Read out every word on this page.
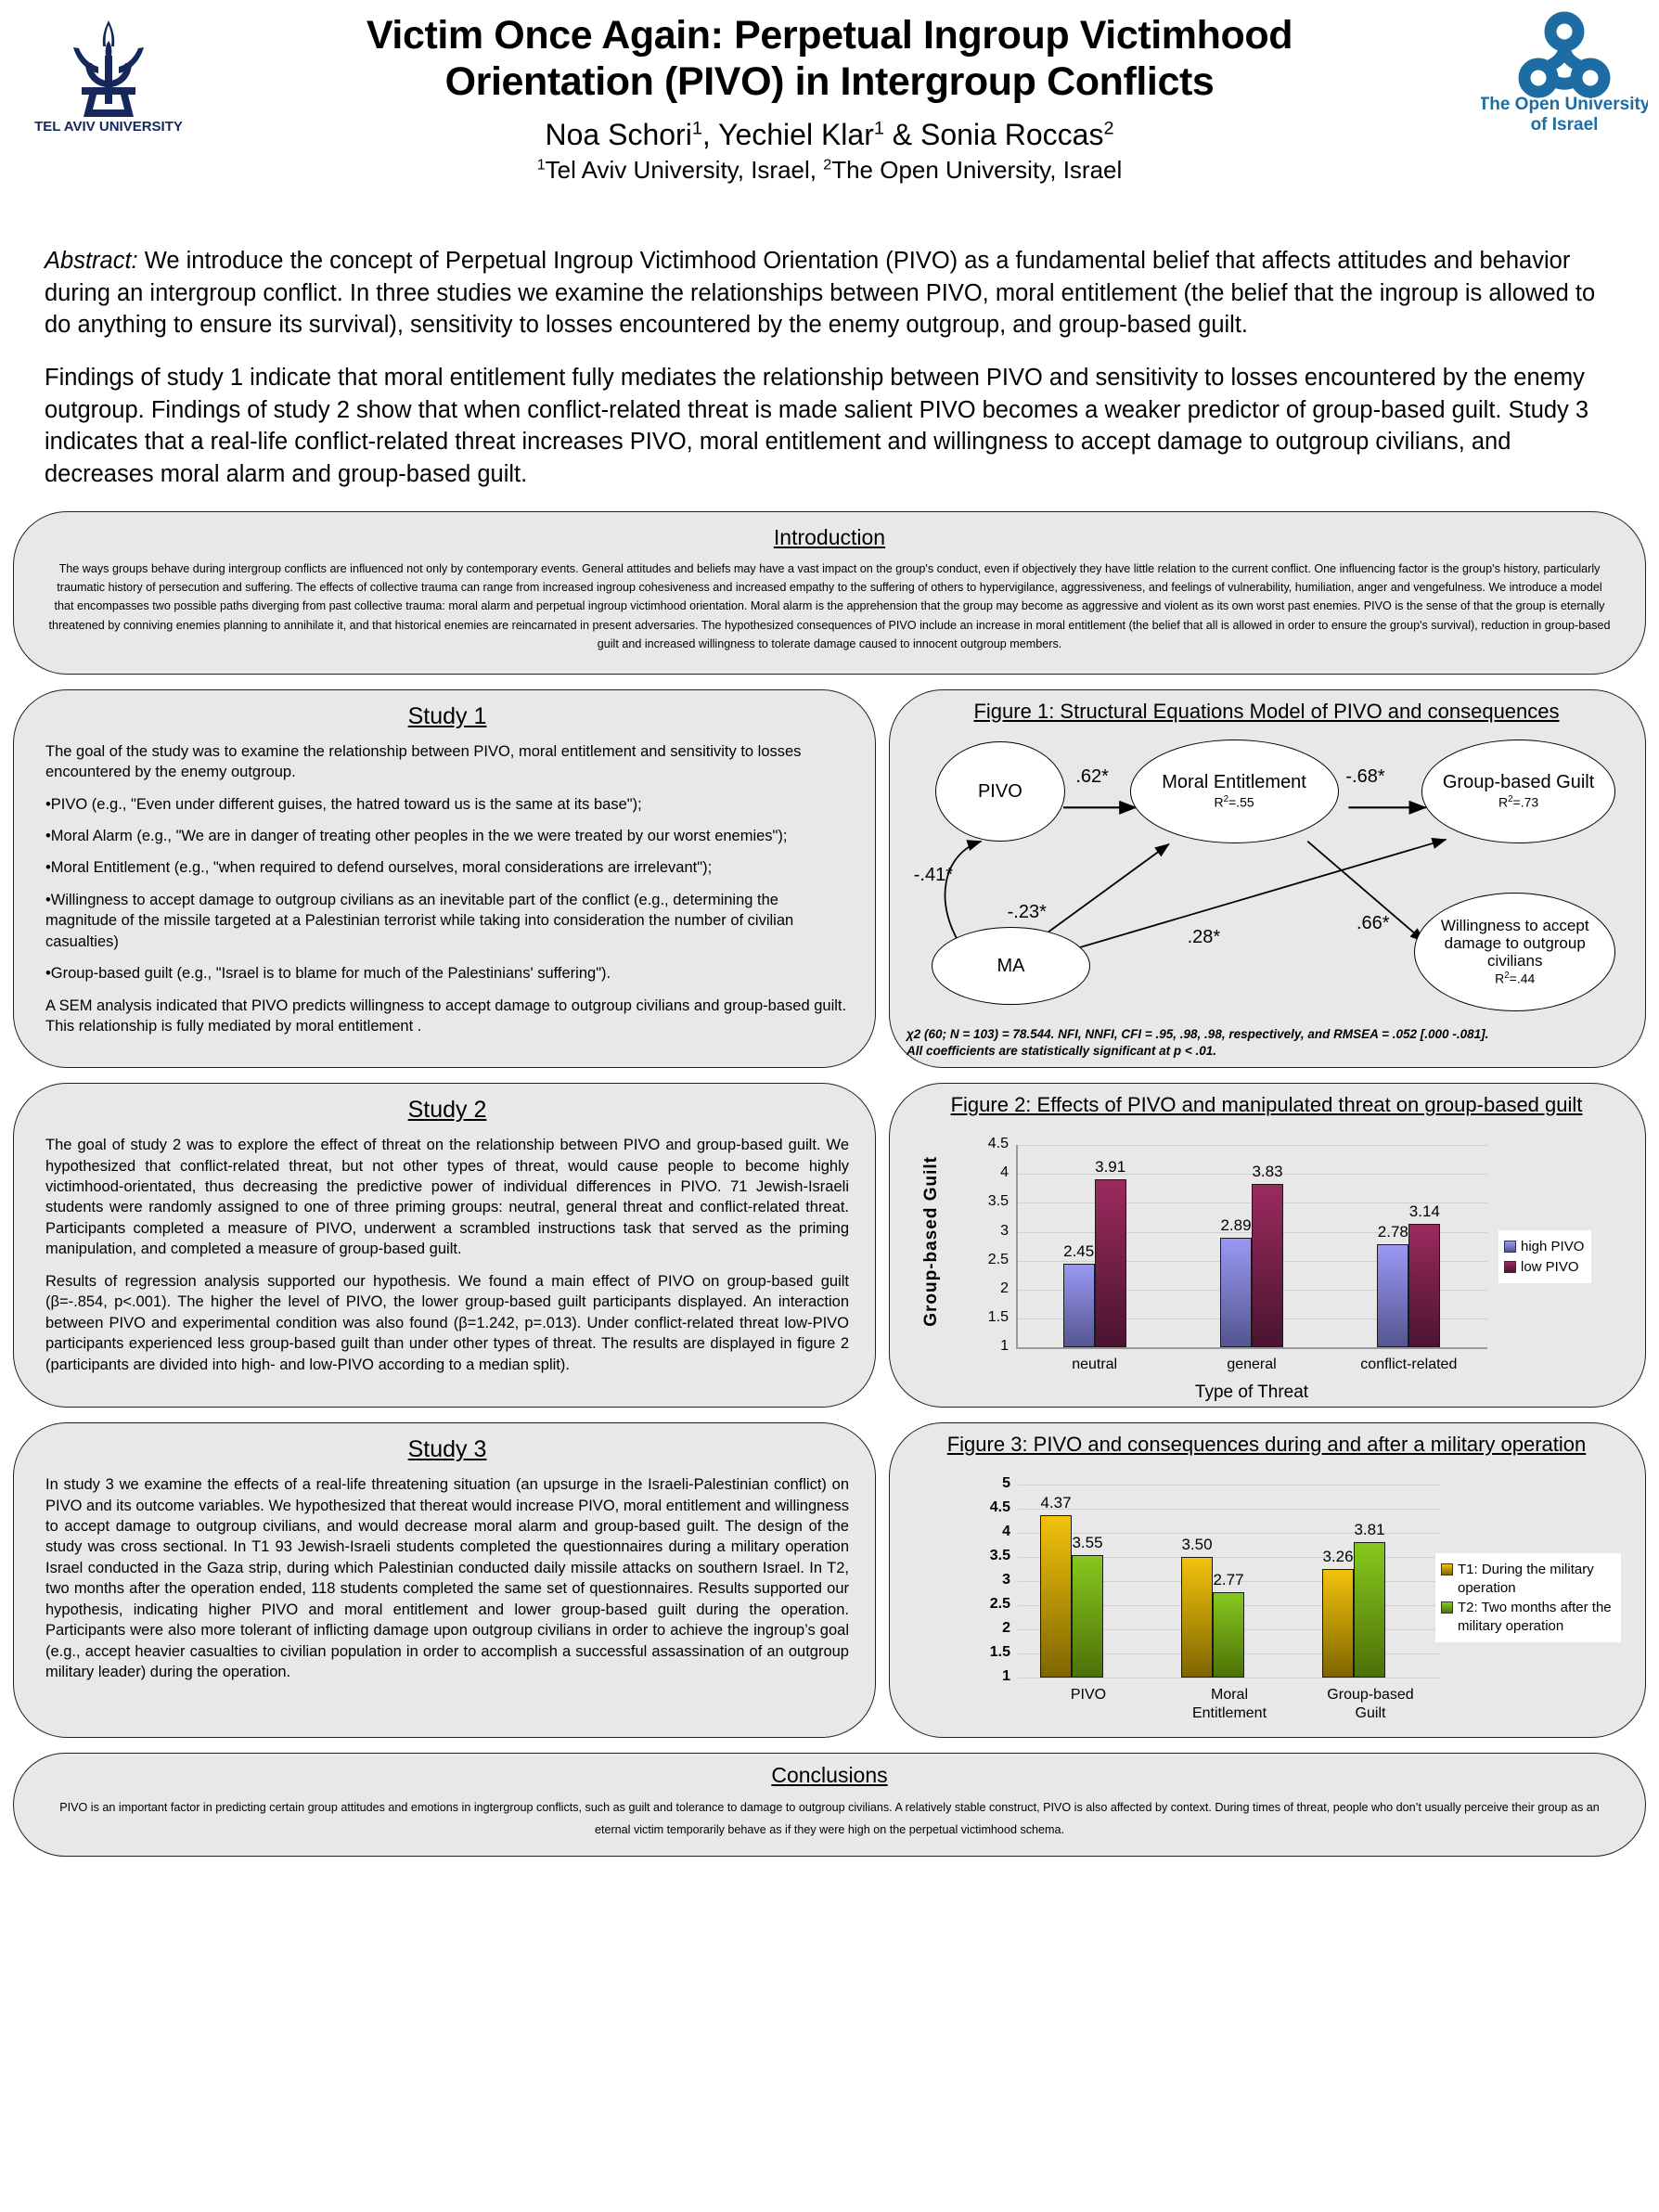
TEL AVIV UNIVERSITY
Victim Once Again: Perpetual Ingroup Victimhood
Orientation (PIVO) in Intergroup Conflicts
Noa Schori$^1$, Yechiel Klar$^1$ & Sonia Roccas$^2$
$^1$Tel Aviv University, Israel, $^2$The Open University, Israel
The Open University
of Israel

Abstract: We introduce the concept of Perpetual Ingroup Victimhood Orientation (PIVO) as a fundamental belief that affects attitudes and behavior during an intergroup conflict. In three studies we examine the relationships between PIVO, moral entitlement (the belief that the ingroup is allowed to do anything to ensure its survival), sensitivity to losses encountered by the enemy outgroup, and group-based guilt.

Findings of study 1 indicate that moral entitlement fully mediates the relationship between PIVO and sensitivity to losses encountered by the enemy outgroup. Findings of study 2 show that when conflict-related threat is made salient PIVO becomes a weaker predictor of group-based guilt. Study 3 indicates that a real-life conflict-related threat increases PIVO, moral entitlement and willingness to accept damage to outgroup civilians, and decreases moral alarm and group-based guilt.

Introduction
The ways groups behave during intergroup conflicts are influenced not only by contemporary events. General attitudes and beliefs may have a vast impact on the group's conduct, even if objectively they have little relation to the current conflict. One influencing factor is the group's history, particularly traumatic history of persecution and suffering. The effects of collective trauma can range from increased ingroup cohesiveness and increased empathy to the suffering of others to hypervigilance, aggressiveness, and feelings of vulnerability, humiliation, anger and vengefulness. We introduce a model that encompasses two possible paths diverging from past collective trauma: moral alarm and perpetual ingroup victimhood orientation. Moral alarm is the apprehension that the group may become as aggressive and violent as its own worst past enemies. PIVO is the sense of that the group is eternally threatened by conniving enemies planning to annihilate it, and that historical enemies are reincarnated in present adversaries. The hypothesized consequences of PIVO include an increase in moral entitlement (the belief that all is allowed in order to ensure the group's survival), reduction in group-based guilt and increased willingness to tolerate damage caused to innocent outgroup members.
Study 1

The goal of the study was to examine the relationship between PIVO, moral entitlement and sensitivity to losses encountered by the enemy outgroup.

•PIVO (e.g., "Even under different guises, the hatred toward us is the same at its base");

•Moral Alarm (e.g., "We are in danger of treating other peoples in the we were treated by our worst enemies");

•Moral Entitlement (e.g., "when required to defend ourselves, moral considerations are irrelevant");

•Willingness to accept damage to outgroup civilians as an inevitable part of the conflict (e.g., determining the magnitude of the missile targeted at a Palestinian terrorist while taking into consideration the number of civilian casualties)

•Group-based guilt (e.g., "Israel is to blame for much of the Palestinians' suffering").

A SEM analysis indicated that PIVO predicts willingness to accept damage to outgroup civilians and group-based guilt. This relationship is fully mediated by moral entitlement .

Figure 1: Structural Equations Model of PIVO and consequences
PIVO	Moral Entitlement
$R^2=.55$
Group-based Guilt
$R^2=.73$
MA
Willingness to accept damage to outgroup civilians
$R^2=.44$
.62*	-.68*
-.41*
-.23*
.28*
.66*
χ2 (60; N = 103) = 78.544. NFI, NNFI, CFI = .95, .98, .98, respectively, and RMSEA = .052 [.000 -.081].
All coefficients are statistically significant at p < .01.
Study 2

The goal of study 2 was to explore the effect of threat on the relationship between PIVO and group-based guilt. We hypothesized that conflict-related threat, but not other types of threat, would cause people to become highly victimhood-orientated, thus decreasing the predictive power of individual differences in PIVO. 71 Jewish-Israeli students were randomly assigned to one of three priming groups: neutral, general threat and conflict-related threat. Participants completed a measure of PIVO, underwent a scrambled instructions task that served as the priming manipulation, and completed a measure of group-based guilt.

Results of regression analysis supported our hypothesis. We found a main effect of PIVO on group-based guilt (β=-.854, p<.001). The higher the level of PIVO, the lower group-based guilt participants displayed. An interaction between PIVO and experimental condition was also found (β=1.242, p=.013). Under conflict-related threat low-PIVO participants experienced less group-based guilt than under other types of threat. The results are displayed in figure 2 (participants are divided into high- and low-PIVO according to a median split).

Figure 2: Effects of PIVO and manipulated threat on group-based guilt
1
1.5
2
2.5
3
3.5
4
4.5
2.45
3.91
neutral
2.89
3.83
general
2.78
3.14
conflict-related
Group-based Guilt
Type of Threat
high PIVO
low PIVO
Study 3

In study 3 we examine the effects of a real-life threatening situation (an upsurge in the Israeli-Palestinian conflict) on PIVO and its outcome variables. We hypothesized that thereat would increase PIVO, moral entitlement and willingness to accept damage to outgroup civilians, and would decrease moral alarm and group-based guilt. The design of the study was cross sectional. In T1 93 Jewish-Israeli students completed the questionnaires during a military operation Israel conducted in the Gaza strip, during which Palestinian conducted daily missile attacks on southern Israel. In T2, two months after the operation ended, 118 students completed the same set of questionnaires. Results supported our hypothesis, indicating higher PIVO and moral entitlement and lower group-based guilt during the operation. Participants were also more tolerant of inflicting damage upon outgroup civilians in order to achieve the ingroup’s goal (e.g., accept heavier casualties to civilian population in order to accomplish a successful assassination of an outgroup military leader) during the operation.

Figure 3: PIVO and consequences during and after a military operation
1
1.5
2
2.5
3
3.5
4
4.5
5
4.37
3.55
PIVO
3.50
2.77
Moral
Entitlement
3.26
3.81
Group-based
Guilt
T1: During the military operation
T2: Two months after the military operation
Conclusions
PIVO is an important factor in predicting certain group attitudes and emotions in ingtergroup conflicts, such as guilt and tolerance to damage to outgroup civilians. A relatively stable construct, PIVO is also affected by context. During times of threat, people who don’t usually perceive their group as an eternal victim temporarily behave as if they were high on the perpetual victimhood schema.
